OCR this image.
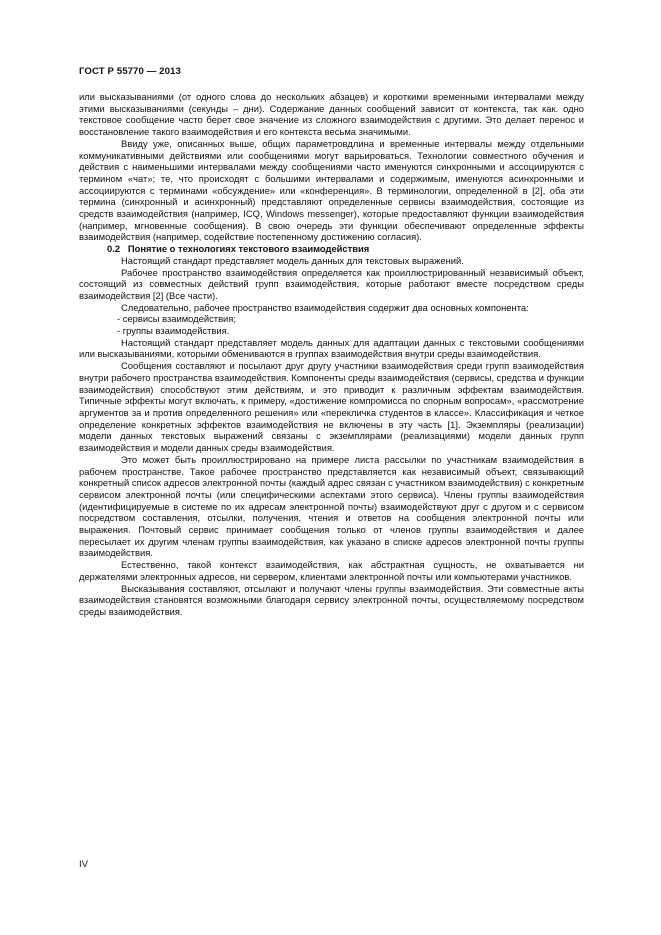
ГОСТ Р 55770 — 2013

или высказываниями (от одного слова до нескольких абзацев) и короткими временными интервалами между этими высказываниями (секунды – дни). Содержание данных сообщений зависит от контекста, так как. одно текстовое сообщение часто берет свое значение из сложного взаимодействия с другими. Это делает перенос и восстановление такого взаимодействия и его контекста весьма значимыми.

Ввиду уже, описанных выше, общих параметровдлина и временные интервалы между отдельными коммуникативными действиями или сообщениями могут варьироваться. Технологии совместного обучения и действия с наименьшими интервалами между сообщениями часто именуются синхронными и ассоциируются с термином «чат»; те, что происходят с большими интервалами и содержимым, именуются асинхронными и ассоциируются с терминами «обсуждение» или «конференция». В терминологии, определенной в [2], оба эти термина (синхронный и асинхронный) представляют определенные сервисы взаимодействия, состоящие из средств взаимодействия (например, ICQ, Windows messenger), которые предоставляют функции взаимодействия (например, мгновенные сообщения). В свою очередь эти функции обеспечивают определенные эффекты взаимодействия (например, содействие постепенному достижению согласия).

0.2 Понятие о технологиях текстового взаимодействия

Настоящий стандарт представляет модель данных для текстовых выражений.

Рабочее пространство взаимодействия определяется как проиллюстрированный независимый объект, состоящий из совместных действий групп взаимодействия, которые работают вместе посредством среды взаимодействия [2] (Все части).

Следовательно, рабочее пространство взаимодействия содержит два основных компонента:

- сервисы взаимодействия;

- группы взаимодействия.

Настоящий стандарт представляет модель данных для адаптации данных с текстовыми сообщениями или высказываниями, которыми обмениваются в группах взаимодействия внутри среды взаимодействия.

Сообщения составляют и посылают друг другу участники взаимодействия среди групп взаимодействия внутри рабочего пространства взаимодействия. Компоненты среды взаимодействия (сервисы, средства и функции взаимодействия) способствуют этим действиям, и это приводит к различным эффектам взаимодействия. Типичные эффекты могут включать, к примеру, «достижение компромисса по спорным вопросам», «рассмотрение аргументов за и против определенного решения» или «перекличка студентов в классе». Классификация и четкое определение конкретных эффектов взаимодействия не включены в эту часть [1]. Экземпляры (реализации) модели данных текстовых выражений связаны с экземплярами (реализациями) модели данных групп взаимодействия и модели данных среды взаимодействия.

Это может быть проиллюстрировано на примере листа рассылки по участникам взаимодействия в рабочем пространстве. Такое рабочее пространство представляется как независимый объект, связывающий конкретный список адресов электронной почты (каждый адрес связан с участником взаимодействия) с конкретным сервисом электронной почты (или специфическими аспектами этого сервиса). Члены группы взаимодействия (идентифицируемые в системе по их адресам электронной почты) взаимодействуют друг с другом и с сервисом посредством составления, отсылки, получения, чтения и ответов на сообщения электронной почты или выражения. Почтовый сервис принимает сообщения только от членов группы взаимодействия и далее пересылает их другим членам группы взаимодействия, как указано в списке адресов электронной почты группы взаимодействия.

Естественно, такой контекст взаимодействия, как абстрактная сущность, не охватывается ни держателями электронных адресов, ни сервером, клиентами электронной почты или компьютерами участников.

Высказывания составляют, отсылают и получают члены группы взаимодействия. Эти совместные акты взаимодействия становятся возможными благодаря сервису электронной почты, осуществляемому посредством среды взаимодействия.

IV
